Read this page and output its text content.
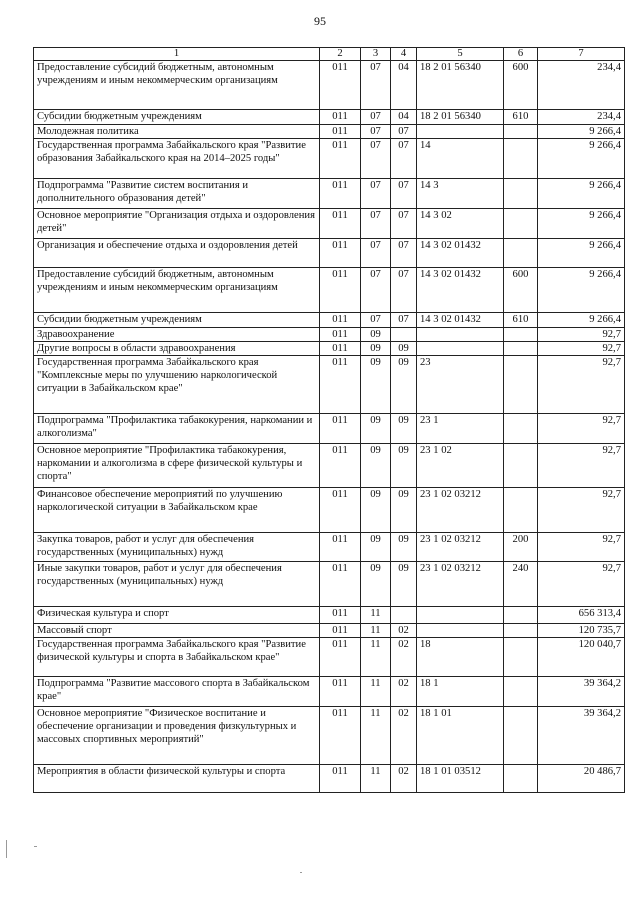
95
1	2	3	4	5	6	7
Предоставление субсидий бюджетным, автономным учреждениям и иным некоммерческим организациям	011	07	04	18 2 01 56340	600	234,4
Субсидии бюджетным учреждениям	011	07	04	18 2 01 56340	610	234,4
Молодежная политика	011	07	07			9 266,4
Государственная программа Забайкальского края "Развитие образования Забайкальского края на 2014–2025 годы"	011	07	07	14		9 266,4
Подпрограмма "Развитие систем воспитания и дополнительного образования детей"	011	07	07	14 3		9 266,4
Основное мероприятие "Организация отдыха и оздоровления детей"	011	07	07	14 3 02		9 266,4
Организация и обеспечение отдыха и оздоровления детей	011	07	07	14 3 02 01432		9 266,4
Предоставление субсидий бюджетным, автономным учреждениям и иным некоммерческим организациям	011	07	07	14 3 02 01432	600	9 266,4
Субсидии бюджетным учреждениям	011	07	07	14 3 02 01432	610	9 266,4
Здравоохранение	011	09				92,7
Другие вопросы в области здравоохранения	011	09	09			92,7
Государственная программа Забайкальского края "Комплексные меры по улучшению наркологической ситуации в Забайкальском крае"	011	09	09	23		92,7
Подпрограмма "Профилактика табакокурения, наркомании и алкоголизма"	011	09	09	23 1		92,7
Основное мероприятие "Профилактика табакокурения, наркомании и алкоголизма в сфере физической культуры и спорта"	011	09	09	23 1 02		92,7
Финансовое обеспечение мероприятий по улучшению наркологической ситуации в Забайкальском крае	011	09	09	23 1 02 03212		92,7
Закупка товаров, работ и услуг для обеспечения государственных (муниципальных) нужд	011	09	09	23 1 02 03212	200	92,7
Иные закупки товаров, работ и услуг для обеспечения государственных (муниципальных) нужд	011	09	09	23 1 02 03212	240	92,7
Физическая культура и спорт	011	11				656 313,4
Массовый спорт	011	11	02			120 735,7
Государственная программа Забайкальского края "Развитие физической культуры и спорта в Забайкальском крае"	011	11	02	18		120 040,7
Подпрограмма "Развитие массового спорта в Забайкальском крае"	011	11	02	18 1		39 364,2
Основное мероприятие "Физическое воспитание и обеспечение организации и проведения физкультурных и массовых спортивных мероприятий"	011	11	02	18 1 01		39 364,2
Мероприятия в области физической культуры и спорта	011	11	02	18 1 01 03512		20 486,7
